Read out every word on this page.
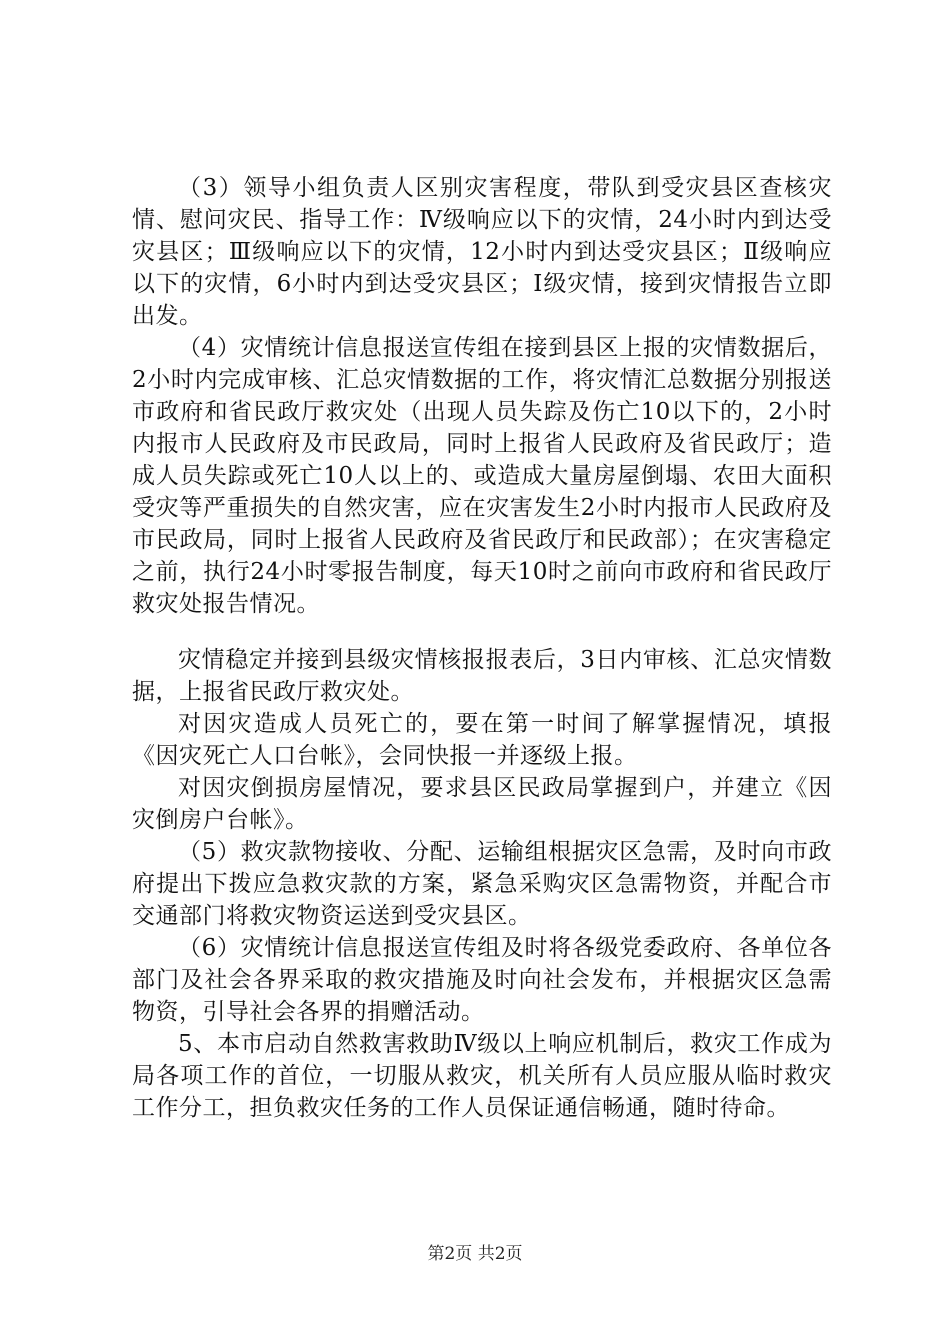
（3）领导小组负责人区别灾害程度，带队到受灾县区查核灾情、慰问灾民、指导工作：Ⅳ级响应以下的灾情，24小时内到达受灾县区；Ⅲ级响应以下的灾情，12小时内到达受灾县区；Ⅱ级响应以下的灾情，6小时内到达受灾县区；Ⅰ级灾情，接到灾情报告立即出发。

（4）灾情统计信息报送宣传组在接到县区上报的灾情数据后，2小时内完成审核、汇总灾情数据的工作，将灾情汇总数据分别报送市政府和省民政厅救灾处（出现人员失踪及伤亡10以下的，2小时内报市人民政府及市民政局，同时上报省人民政府及省民政厅；造成人员失踪或死亡10人以上的、或造成大量房屋倒塌、农田大面积受灾等严重损失的自然灾害，应在灾害发生2小时内报市人民政府及市民政局，同时上报省人民政府及省民政厅和民政部）；在灾害稳定之前，执行24小时零报告制度，每天10时之前向市政府和省民政厅救灾处报告情况。

灾情稳定并接到县级灾情核报报表后，3日内审核、汇总灾情数据，上报省民政厅救灾处。

对因灾造成人员死亡的，要在第一时间了解掌握情况，填报《因灾死亡人口台帐》，会同快报一并逐级上报。

对因灾倒损房屋情况，要求县区民政局掌握到户，并建立《因灾倒房户台帐》。

（5）救灾款物接收、分配、运输组根据灾区急需，及时向市政府提出下拨应急救灾款的方案，紧急采购灾区急需物资，并配合市交通部门将救灾物资运送到受灾县区。

（6）灾情统计信息报送宣传组及时将各级党委政府、各单位各部门及社会各界采取的救灾措施及时向社会发布，并根据灾区急需物资，引导社会各界的捐赠活动。

5、本市启动自然救害救助Ⅳ级以上响应机制后，救灾工作成为局各项工作的首位，一切服从救灾，机关所有人员应服从临时救灾工作分工，担负救灾任务的工作人员保证通信畅通，随时待命。

第2页 共2页
